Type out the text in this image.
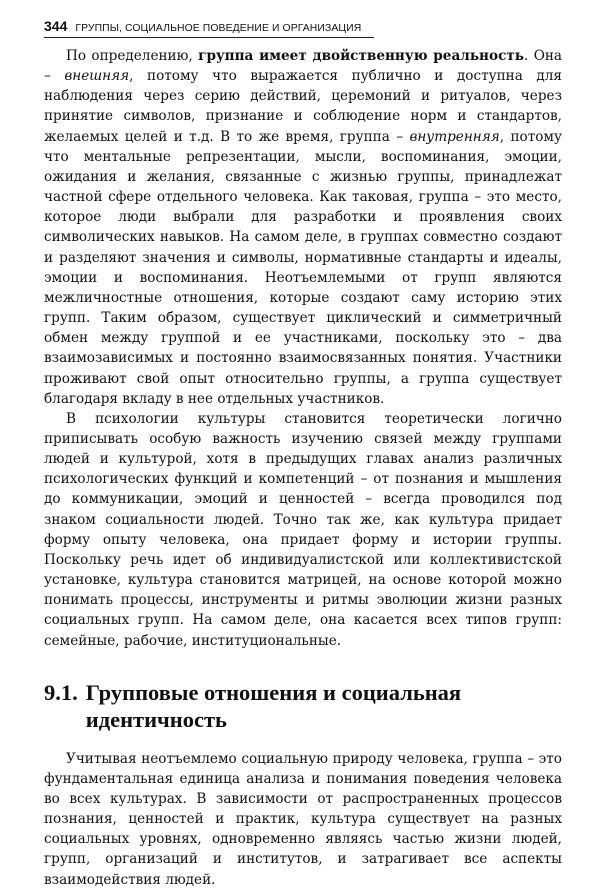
344 ГРУППЫ, СОЦИАЛЬНОЕ ПОВЕДЕНИЕ И ОРГАНИЗАЦИЯ

По определению, группа имеет двойственную реальность. Она – внешняя, потому что выражается публично и доступна для наблюдения через серию действий, церемоний и ритуалов, через принятие символов, признание и соблюдение норм и стандартов, желаемых целей и т.д. В то же время, группа – внутренняя, потому что ментальные репрезентации, мысли, воспоминания, эмоции, ожидания и желания, связанные с жизнью группы, принадлежат частной сфере отдельного человека. Как таковая, группа – это место, которое люди выбрали для разработки и проявления своих символических навыков. На самом деле, в группах совместно создают и разделяют значения и символы, нормативные стандарты и идеалы, эмоции и воспоминания. Неотъемлемыми от групп являются межличностные отношения, которые создают саму историю этих групп. Таким образом, существует циклический и симметричный обмен между группой и ее участниками, поскольку это – два взаимозависимых и постоянно взаимосвязанных понятия. Участники проживают свой опыт относительно группы, а группа существует благодаря вкладу в нее отдельных участников.

В психологии культуры становится теоретически логично приписывать особую важность изучению связей между группами людей и культурой, хотя в предыдущих главах анализ различных психологических функций и компетенций – от познания и мышления до коммуникации, эмоций и ценностей – всегда проводился под знаком социальности людей. Точно так же, как культура придает форму опыту человека, она придает форму и истории группы. Поскольку речь идет об индивидуалистской или коллективистской установке, культура становится матрицей, на основе которой можно понимать процессы, инструменты и ритмы эволюции жизни разных социальных групп. На самом деле, она касается всех типов групп: семейные, рабочие, институциональные.

9.1. Групповые отношения и социальная идентичность

Учитывая неотъемлемо социальную природу человека, группа – это фундаментальная единица анализа и понимания поведения человека во всех культурах. В зависимости от распространенных процессов познания, ценностей и практик, культура существует на разных социальных уровнях, одновременно являясь частью жизни людей, групп, организаций и институтов, и затрагивает все аспекты взаимодействия людей.
